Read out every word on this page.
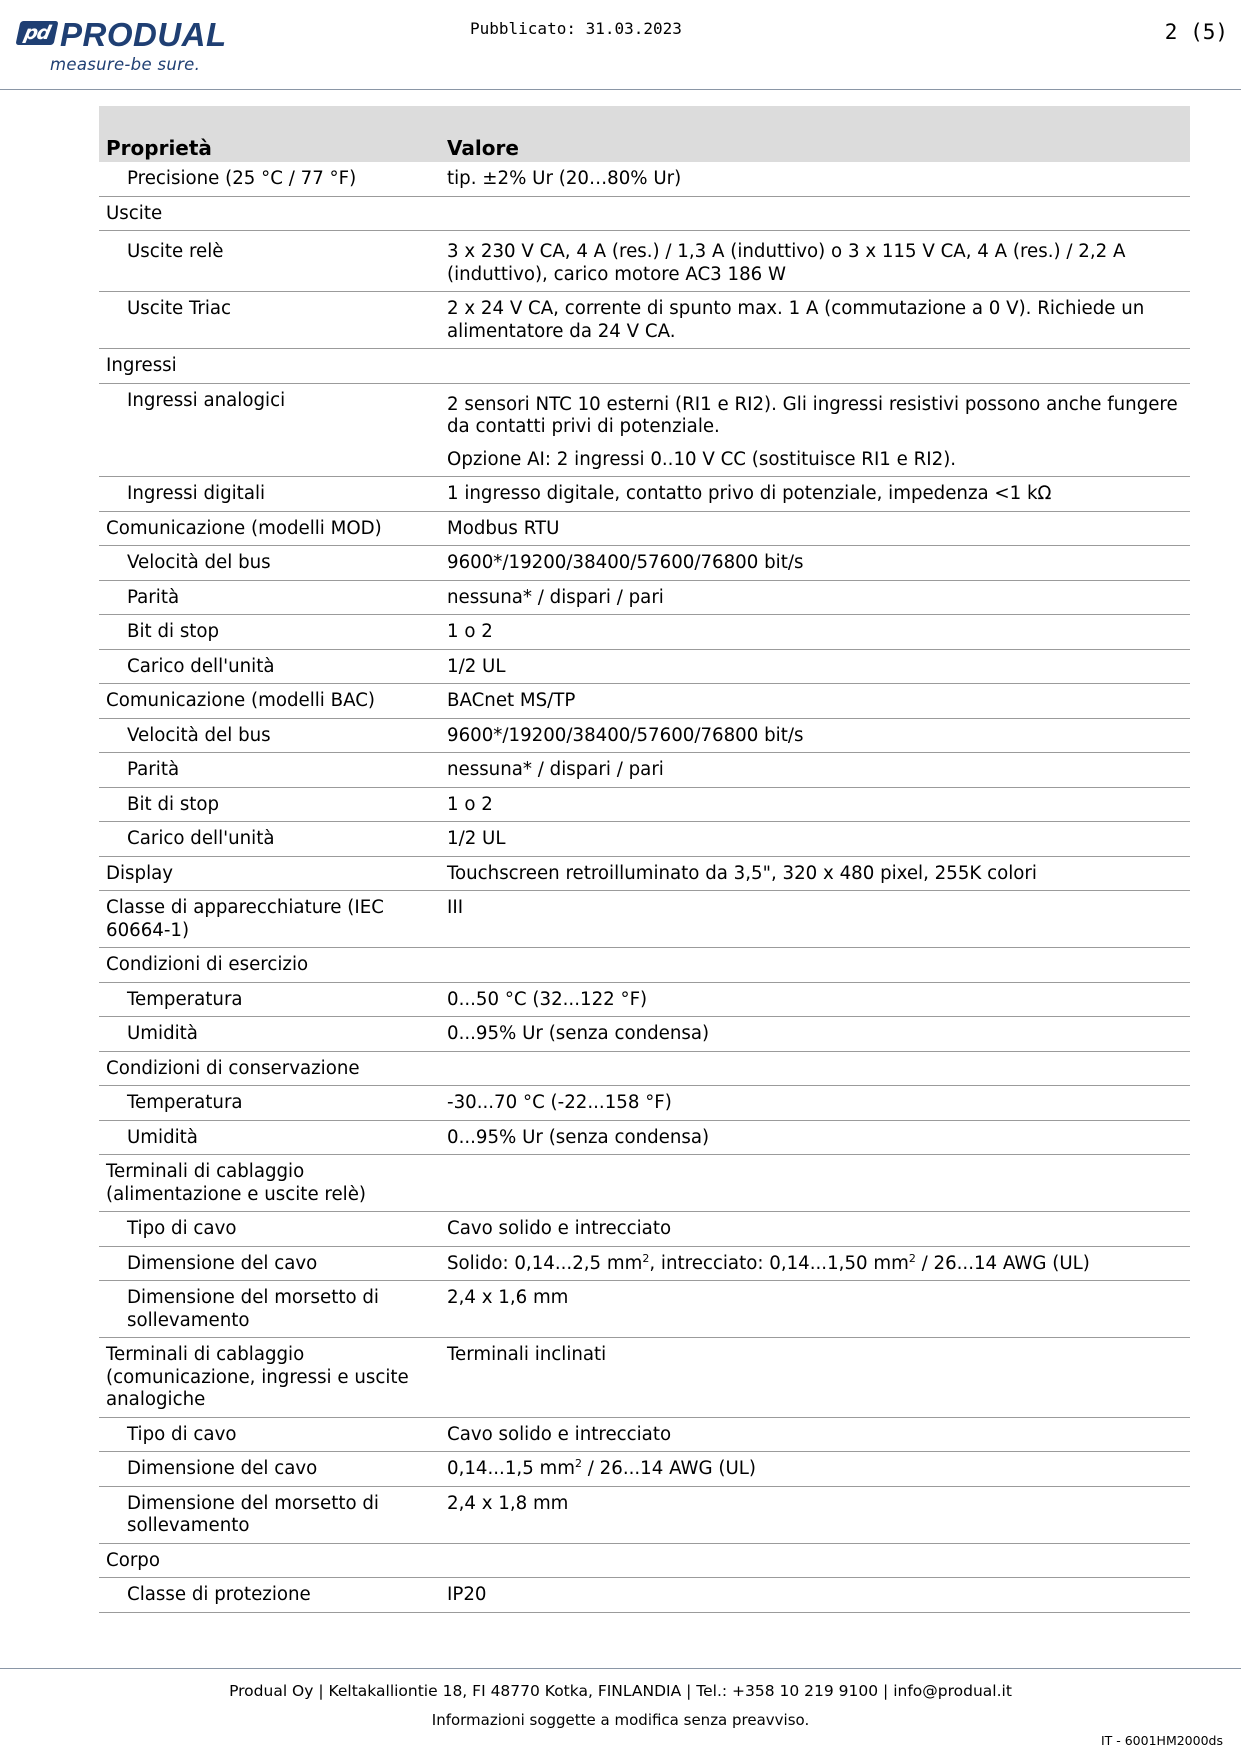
pd PRODUAL
measure-be sure.
Pubblicato: 31.03.2023	2 (5)
Proprietà	Valore
Precisione (25 °C / 77 °F)	tip. ±2% Ur (20…80% Ur)
Uscite	

Uscite relè	3 x 230 V CA, 4 A (res.) / 1,3 A (induttivo) o 3 x 115 V CA, 4 A (res.) / 2,2 A (induttivo), carico motore AC3 186 W

Uscite Triac	2 x 24 V CA, corrente di spunto max. 1 A (commutazione a 0 V). Richiede un alimentatore da 24 V CA.
Ingressi	
Ingressi analogici	2 sensori NTC 10 esterni (RI1 e RI2). Gli ingressi resistivi possono anche fungere da contatti privi di potenziale.
Opzione AI: 2 ingressi 0..10 V CC (sostituisce RI1 e RI2).

Ingressi digitali	1 ingresso digitale, contatto privo di potenziale, impedenza <1 kΩ
Comunicazione (modelli MOD)	Modbus RTU
Velocità del bus	9600*/19200/38400/57600/76800 bit/s
Parità	nessuna* / dispari / pari
Bit di stop	1 o 2
Carico dell'unità	1/2 UL
Comunicazione (modelli BAC)	BACnet MS/TP
Velocità del bus	9600*/19200/38400/57600/76800 bit/s
Parità	nessuna* / dispari / pari
Bit di stop	1 o 2
Carico dell'unità	1/2 UL
Display	Touchscreen retroilluminato da 3,5", 320 x 480 pixel, 255K colori
Classe di apparecchiature (IEC 60664-1)	III
Condizioni di esercizio	
Temperatura	0...50 °C (32...122 °F)
Umidità	0...95% Ur (senza condensa)
Condizioni di conservazione	
Temperatura	-30...70 °C (-22...158 °F)
Umidità	0...95% Ur (senza condensa)
Terminali di cablaggio (alimentazione e uscite relè)	
Tipo di cavo	Cavo solido e intrecciato
Dimensione del cavo	Solido: 0,14...2,5 $mm^2$, intrecciato: 0,14...1,50 $mm^2 / 26...14$ AWG (UL)
Dimensione del morsetto di sollevamento	2,4 x 1,6 mm
Terminali di cablaggio (comunicazione, ingressi e uscite analogiche	Terminali inclinati
Tipo di cavo	Cavo solido e intrecciato
Dimensione del cavo	0,14...1,5 $mm^2 / 26...14$ AWG (UL)
Dimensione del morsetto di sollevamento	2,4 x 1,8 mm
Corpo	
Classe di protezione	IP20
Produal Oy | Keltakalliontie 18, FI 48770 Kotka, FINLANDIA | Tel.: +358 10 219 9100 | info@produal.it
Informazioni soggette a modifica senza preavviso.
IT - 6001HM2000ds
